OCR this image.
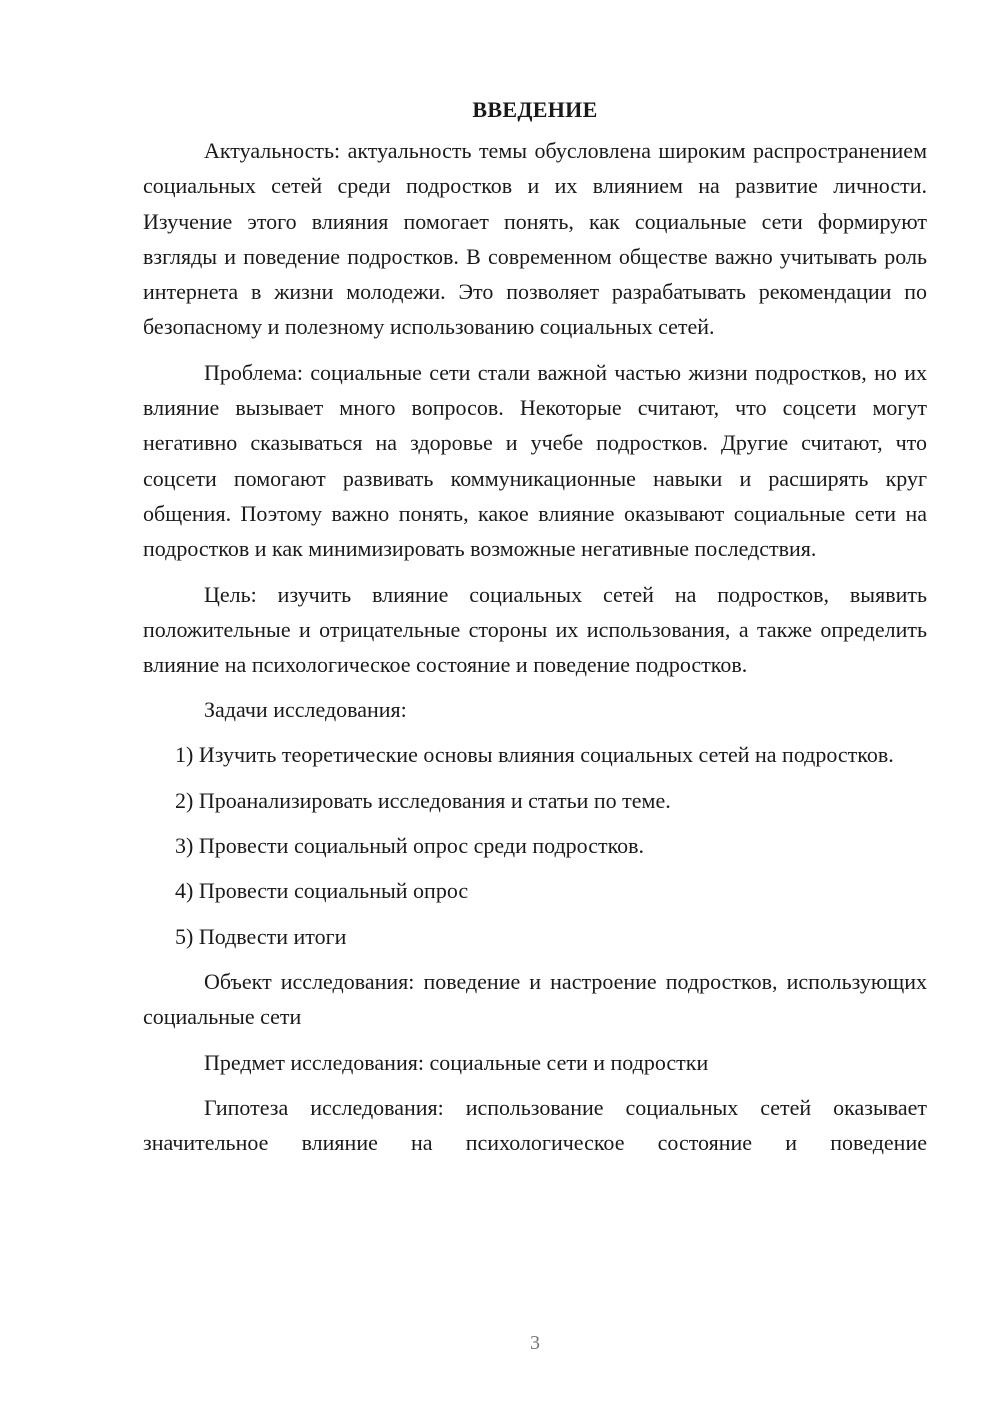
ВВЕДЕНИЕ

Актуальность: актуальность темы обусловлена широким распространением социальных сетей среди подростков и их влиянием на развитие личности. Изучение этого влияния помогает понять, как социальные сети формируют взгляды и поведение подростков. В современном обществе важно учитывать роль интернета в жизни молодежи. Это позволяет разрабатывать рекомендации по безопасному и полезному использованию социальных сетей.

Проблема: социальные сети стали важной частью жизни подростков, но их влияние вызывает много вопросов. Некоторые считают, что соцсети могут негативно сказываться на здоровье и учебе подростков. Другие считают, что соцсети помогают развивать коммуникационные навыки и расширять круг общения. Поэтому важно понять, какое влияние оказывают социальные сети на подростков и как минимизировать возможные негативные последствия.

Цель: изучить влияние социальных сетей на подростков, выявить положительные и отрицательные стороны их использования, а также определить влияние на психологическое состояние и поведение подростков.

Задачи исследования:

1) Изучить теоретические основы влияния социальных сетей на подростков.

2) Проанализировать исследования и статьи по теме.

3) Провести социальный опрос среди подростков.

4) Провести социальный опрос

5) Подвести итоги

Объект исследования: поведение и настроение подростков, использующих социальные сети

Предмет исследования: социальные сети и подростки

Гипотеза исследования: использование социальных сетей оказывает значительное влияние на психологическое состояние и поведение

3
